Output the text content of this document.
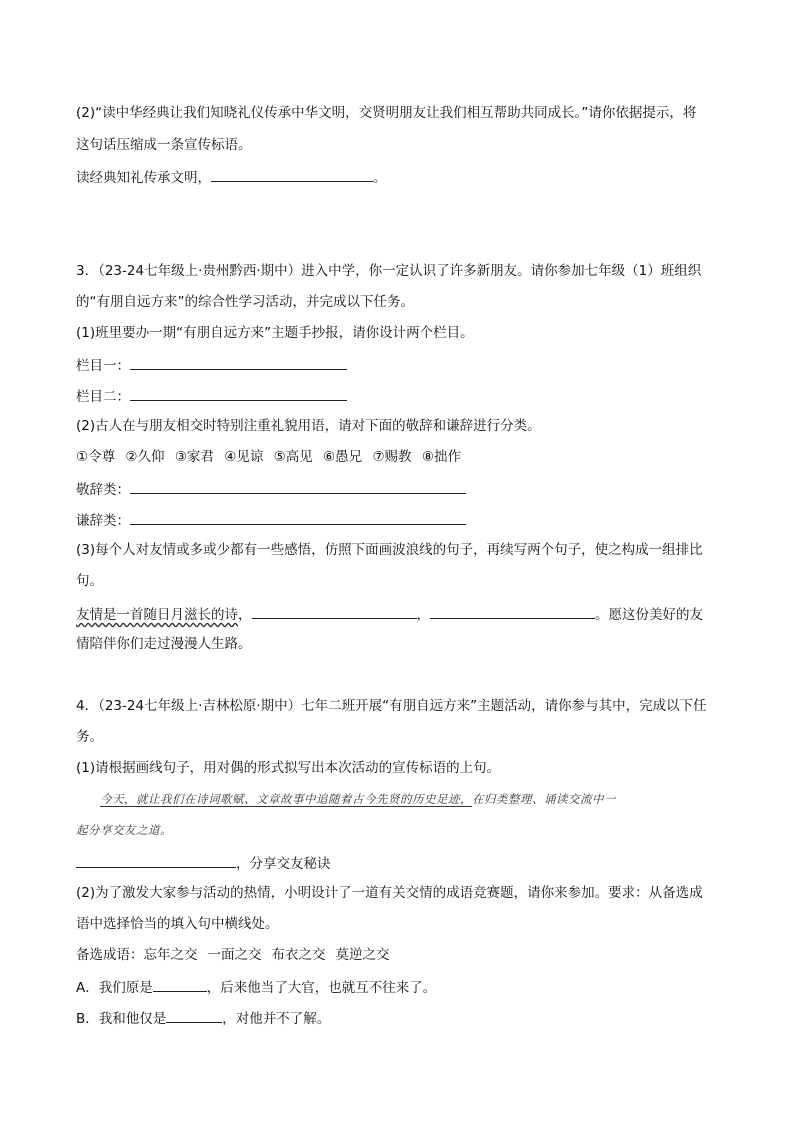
(2)“读中华经典让我们知晓礼仪传承中华文明，交贤明朋友让我们相互帮助共同成长。”请你依据提示，将
这句话压缩成一条宣传标语。
读经典知礼传承文明，	。
3．（23-24七年级上·贵州黔西·期中）进入中学，你一定认识了许多新朋友。请你参加七年级（1）班组织
的“有朋自远方来”的综合性学习活动，并完成以下任务。
(1)班里要办一期“有朋自远方来”主题手抄报，请你设计两个栏目。
栏目一：
栏目二：
(2)古人在与朋友相交时特别注重礼貌用语，请对下面的敬辞和谦辞进行分类。
①令尊 ②久仰 ③家君 ④见谅 ⑤高见 ⑥愚兄 ⑦赐教 ⑧拙作
敬辞类：
谦辞类：
(3)每个人对友情或多或少都有一些感悟，仿照下面画波浪线的句子，再续写两个句子，使之构成一组排比
句。
友情是一首随日月滋长的诗，	，	。愿这份美好的友
情陪伴你们走过漫漫人生路。
4．（23-24七年级上·吉林松原·期中）七年二班开展“有朋自远方来”主题活动，请你参与其中，完成以下任
务。
(1)请根据画线句子，用对偶的形式拟写出本次活动的宣传标语的上句。
今天，就让我们在诗词歌赋、文章故事中追随着古今先贤的历史足迹，在归类整理、诵读交流中一
起分享交友之道。
，分享交友秘诀
(2)为了激发大家参与活动的热情，小明设计了一道有关交情的成语竞赛题，请你来参加。要求：从备选成
语中选择恰当的填入句中横线处。
备选成语：忘年之交 一面之交 布衣之交 莫逆之交
A．我们原是	，后来他当了大官，也就互不往来了。
B．我和他仅是	，对他并不了解。
